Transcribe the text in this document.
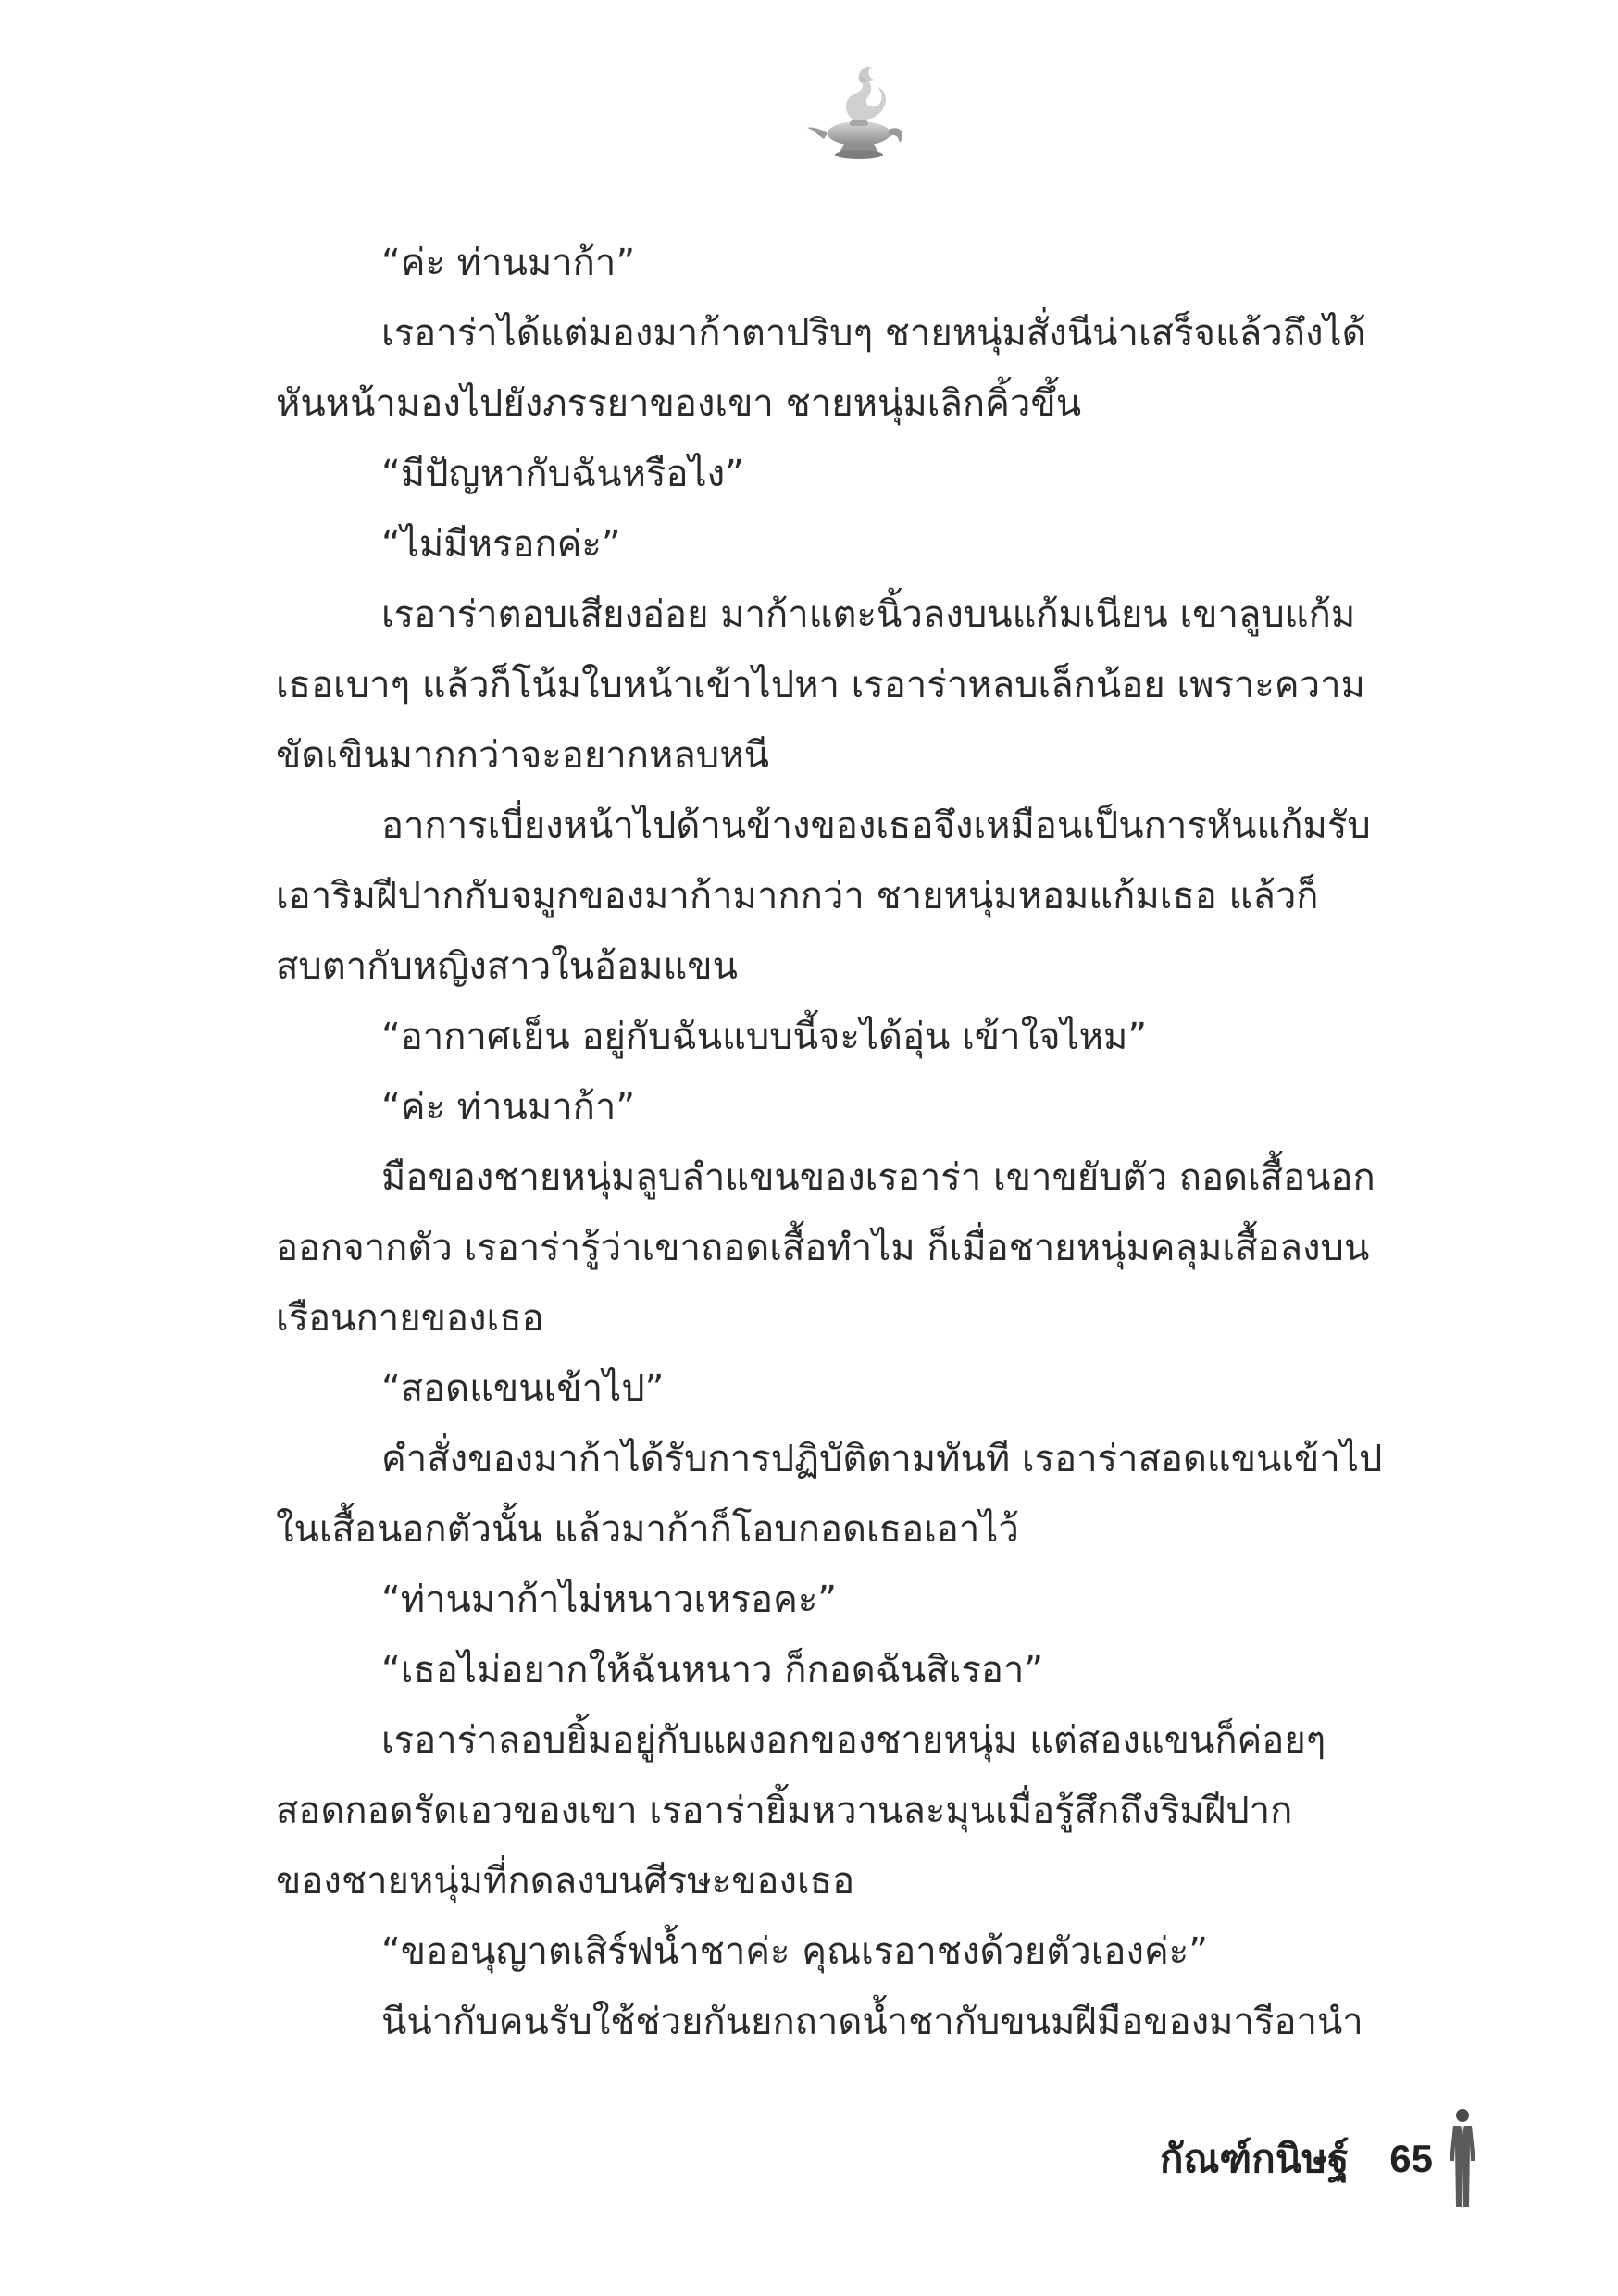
“ค่ะ ท่านมาก้า”
เรอาร่าได้แต่มองมาก้าตาปริบๆ ชายหนุ่มสั่งนีน่าเสร็จแล้วถึงได้
หันหน้ามองไปยังภรรยาของเขา ชายหนุ่มเลิกคิ้วขึ้น
“มีปัญหากับฉันหรือไง”
“ไม่มีหรอกค่ะ”
เรอาร่าตอบเสียงอ่อย มาก้าแตะนิ้วลงบนแก้มเนียน เขาลูบแก้ม
เธอเบาๆ แล้วก็โน้มใบหน้าเข้าไปหา เรอาร่าหลบเล็กน้อย เพราะความ
ขัดเขินมากกว่าจะอยากหลบหนี
อาการเบี่ยงหน้าไปด้านข้างของเธอจึงเหมือนเป็นการหันแก้มรับ
เอาริมฝีปากกับจมูกของมาก้ามากกว่า ชายหนุ่มหอมแก้มเธอ แล้วก็
สบตากับหญิงสาวในอ้อมแขน
“อากาศเย็น อยู่กับฉันแบบนี้จะได้อุ่น เข้าใจไหม”
“ค่ะ ท่านมาก้า”
มือของชายหนุ่มลูบลำแขนของเรอาร่า เขาขยับตัว ถอดเสื้อนอก
ออกจากตัว เรอาร่ารู้ว่าเขาถอดเสื้อทำไม ก็เมื่อชายหนุ่มคลุมเสื้อลงบน
เรือนกายของเธอ
“สอดแขนเข้าไป”
คำสั่งของมาก้าได้รับการปฏิบัติตามทันที เรอาร่าสอดแขนเข้าไป
ในเสื้อนอกตัวนั้น แล้วมาก้าก็โอบกอดเธอเอาไว้
“ท่านมาก้าไม่หนาวเหรอคะ”
“เธอไม่อยากให้ฉันหนาว ก็กอดฉันสิเรอา”
เรอาร่าลอบยิ้มอยู่กับแผงอกของชายหนุ่ม แต่สองแขนก็ค่อยๆ
สอดกอดรัดเอวของเขา เรอาร่ายิ้มหวานละมุนเมื่อรู้สึกถึงริมฝีปาก
ของชายหนุ่มที่กดลงบนศีรษะของเธอ
“ขออนุญาตเสิร์ฟน้ำชาค่ะ คุณเรอาชงด้วยตัวเองค่ะ”
นีน่ากับคนรับใช้ช่วยกันยกถาดน้ำชากับขนมฝีมือของมารีอานำ
กัณฑ์กนิษฐ์ 65
